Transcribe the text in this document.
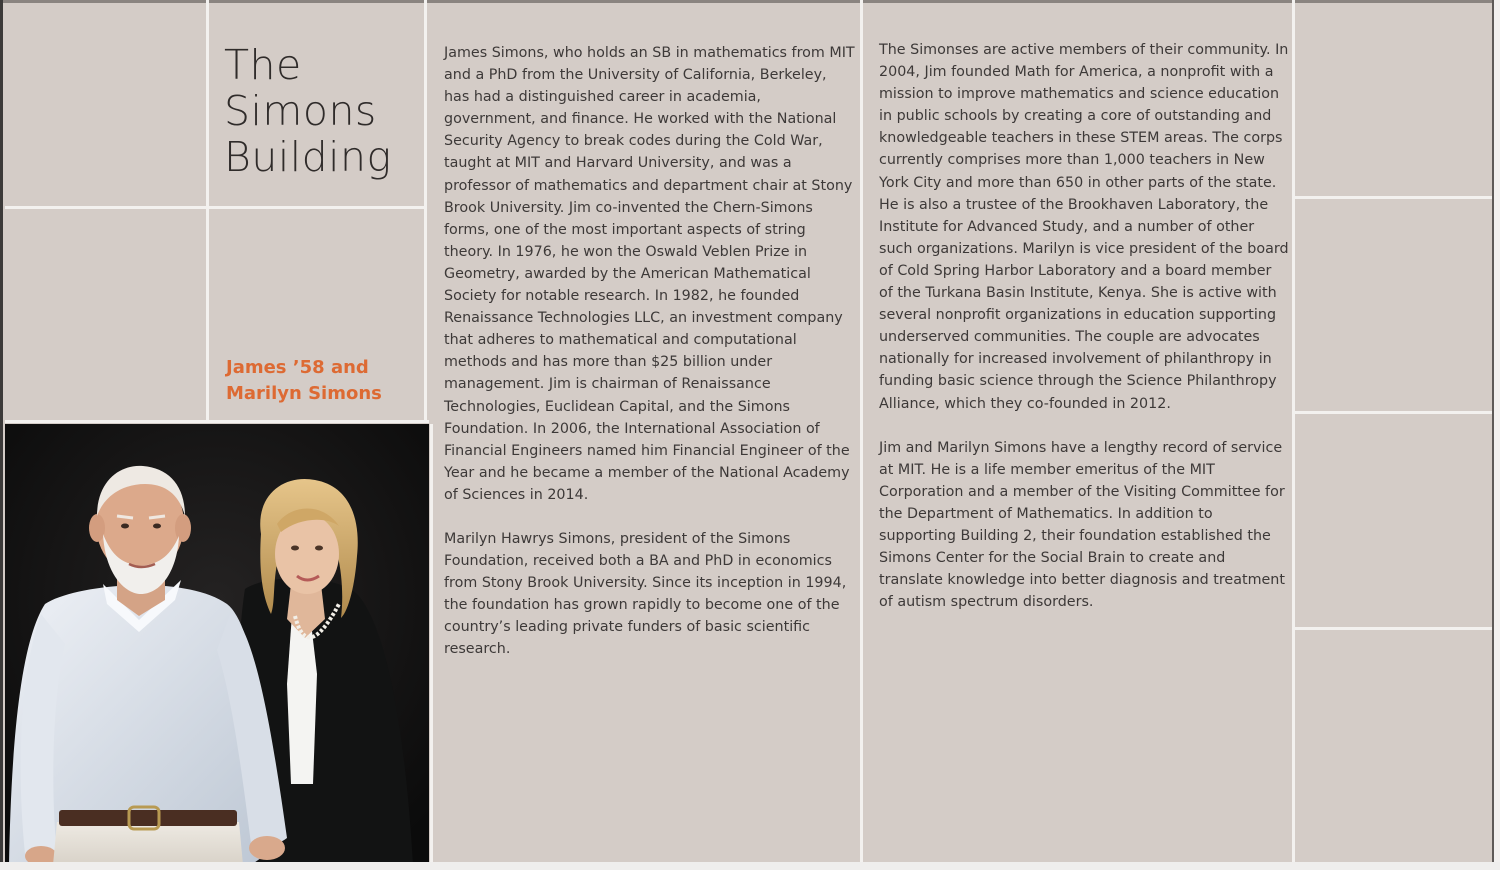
The
Simons
Building
James ’58 and
Marilyn Simons

James Simons, who holds an SB in mathematics from MIT and a PhD from the University of California, Berkeley, has had a distinguished career in academia, government, and finance. He worked with the National Security Agency to break codes during the Cold War, taught at MIT and Harvard University, and was a professor of mathematics and department chair at Stony Brook University. Jim co-invented the Chern-Simons forms, one of the most important aspects of string theory. In 1976, he won the Oswald Veblen Prize in Geometry, awarded by the American Mathematical Society for notable research. In 1982, he founded Renaissance Technologies LLC, an investment company that adheres to mathematical and computational methods and has more than $25 billion under management. Jim is chairman of Renaissance Technologies, Euclidean Capital, and the Simons Foundation. In 2006, the International Association of Financial Engineers named him Financial Engineer of the Year and he became a member of the National Academy of Sciences in 2014.

Marilyn Hawrys Simons, president of the Simons Foundation, received both a BA and PhD in economics from Stony Brook University. Since its inception in 1994, the foundation has grown rapidly to become one of the country’s leading private funders of basic scientific research.

The Simonses are active members of their community. In 2004, Jim founded Math for America, a nonprofit with a mission to improve mathematics and science education in public schools by creating a core of outstanding and knowledgeable teachers in these STEM areas. The corps currently comprises more than 1,000 teachers in New York City and more than 650 in other parts of the state. He is also a trustee of the Brookhaven Laboratory, the Institute for Advanced Study, and a number of other such organizations. Marilyn is vice president of the board of Cold Spring Harbor Laboratory and a board member of the Turkana Basin Institute, Kenya. She is active with several nonprofit organizations in education supporting underserved communities. The couple are advocates nationally for increased involvement of philanthropy in funding basic science through the Science Philanthropy Alliance, which they co-founded in 2012.

Jim and Marilyn Simons have a lengthy record of service at MIT. He is a life member emeritus of the MIT Corporation and a member of the Visiting Committee for the Department of Mathematics. In addition to supporting Building 2, their foundation established the Simons Center for the Social Brain to create and translate knowledge into better diagnosis and treatment of autism spectrum disorders.
